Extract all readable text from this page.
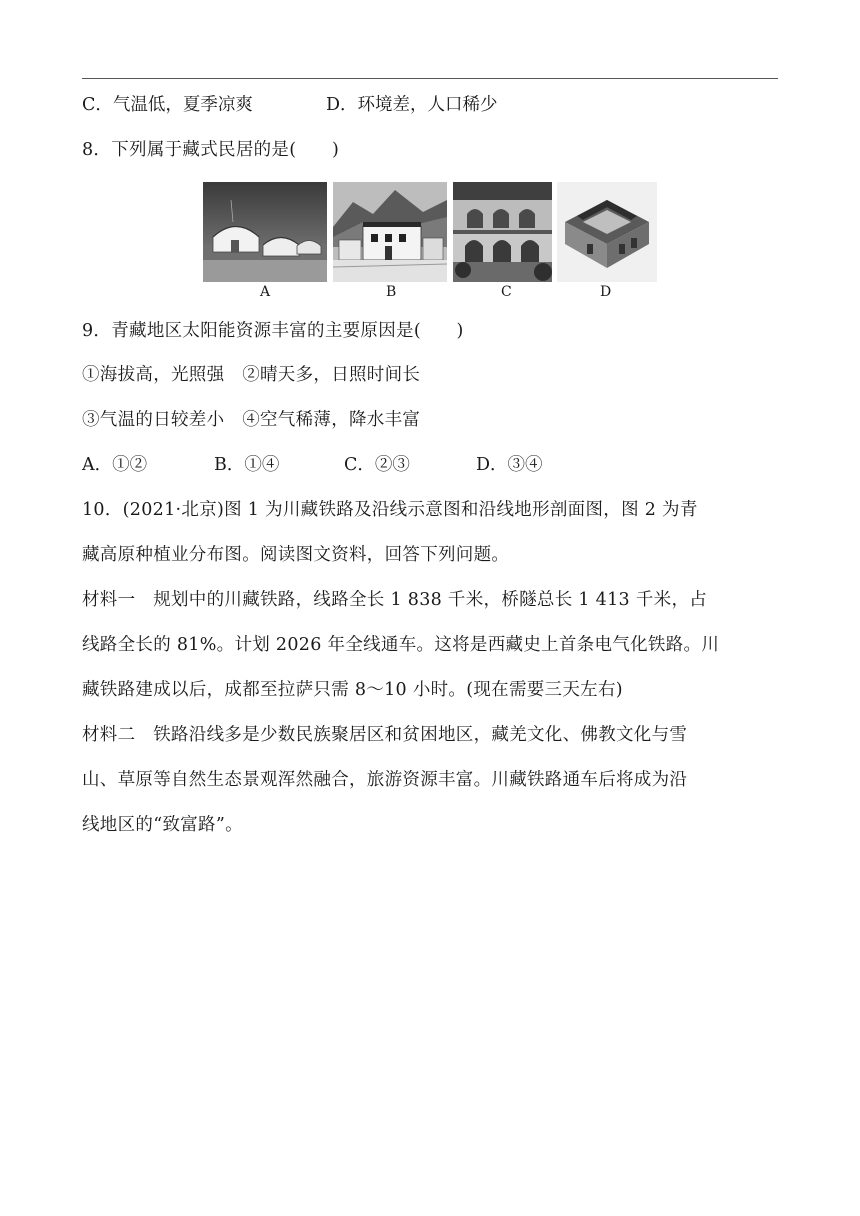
C．气温低，夏季凉爽	D．环境差，人口稀少
8．下列属于藏式民居的是(　　)
A	B	C	D
9．青藏地区太阳能资源丰富的主要原因是(　　)
①海拔高，光照强　②晴天多，日照时间长
③气温的日较差小　④空气稀薄，降水丰富
A．①②	B．①④	C．②③	D．③④
10．(2021·北京)图 1 为川藏铁路及沿线示意图和沿线地形剖面图，图 2 为青
藏高原种植业分布图。阅读图文资料，回答下列问题。
材料一　规划中的川藏铁路，线路全长 1 838 千米，桥隧总长 1 413 千米，占
线路全长的 81%。计划 2026 年全线通车。这将是西藏史上首条电气化铁路。川
藏铁路建成以后，成都至拉萨只需 8～10 小时。(现在需要三天左右)
材料二　铁路沿线多是少数民族聚居区和贫困地区，藏羌文化、佛教文化与雪
山、草原等自然生态景观浑然融合，旅游资源丰富。川藏铁路通车后将成为沿
线地区的“致富路”。
